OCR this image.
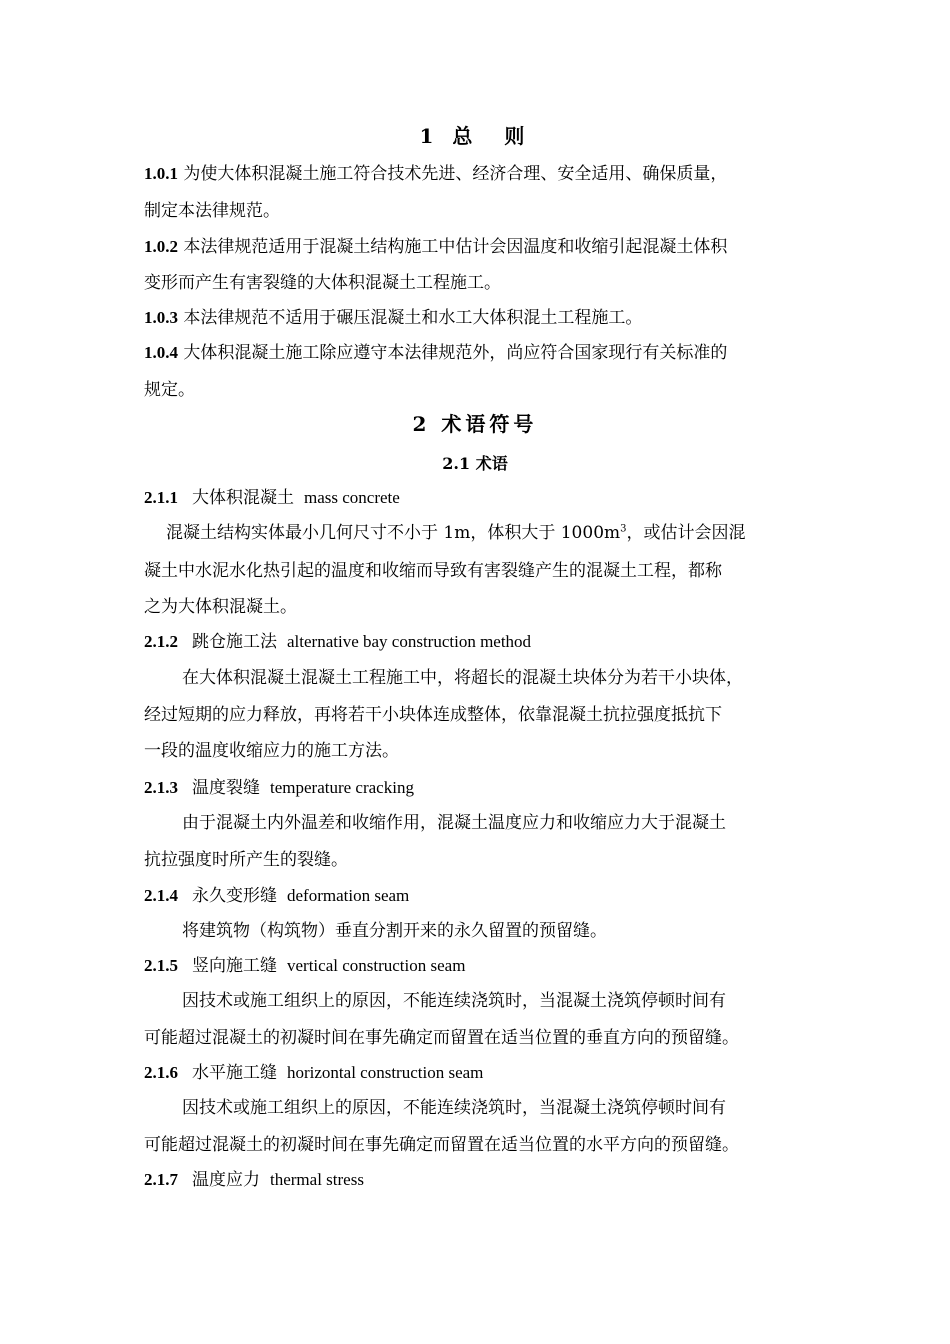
1 总　则
1.0.1 为使大体积混凝土施工符合技术先进、经济合理、安全适用、确保质量，
制定本法律规范。
1.0.2 本法律规范适用于混凝土结构施工中估计会因温度和收缩引起混凝土体积
变形而产生有害裂缝的大体积混凝土工程施工。
1.0.3 本法律规范不适用于碾压混凝土和水工大体积混土工程施工。
1.0.4 大体积混凝土施工除应遵守本法律规范外，尚应符合国家现行有关标准的
规定。
2 术语符号
2.1 术语
2.1.1 大体积混凝土 mass concrete
混凝土结构实体最小几何尺寸不小于 1m，体积大于 $1000m^3$，或估计会因混
凝土中水泥水化热引起的温度和收缩而导致有害裂缝产生的混凝土工程，都称
之为大体积混凝土。
2.1.2 跳仓施工法 alternative bay construction method
在大体积混凝土混凝土工程施工中，将超长的混凝土块体分为若干小块体，
经过短期的应力释放，再将若干小块体连成整体，依靠混凝土抗拉强度抵抗下
一段的温度收缩应力的施工方法。
2.1.3 温度裂缝 temperature cracking
由于混凝土内外温差和收缩作用，混凝土温度应力和收缩应力大于混凝土
抗拉强度时所产生的裂缝。
2.1.4 永久变形缝 deformation seam
将建筑物（构筑物）垂直分割开来的永久留置的预留缝。
2.1.5 竖向施工缝 vertical construction seam
因技术或施工组织上的原因，不能连续浇筑时，当混凝土浇筑停顿时间有
可能超过混凝土的初凝时间在事先确定而留置在适当位置的垂直方向的预留缝。
2.1.6 水平施工缝 horizontal construction seam
因技术或施工组织上的原因，不能连续浇筑时，当混凝土浇筑停顿时间有
可能超过混凝土的初凝时间在事先确定而留置在适当位置的水平方向的预留缝。
2.1.7 温度应力 thermal stress
